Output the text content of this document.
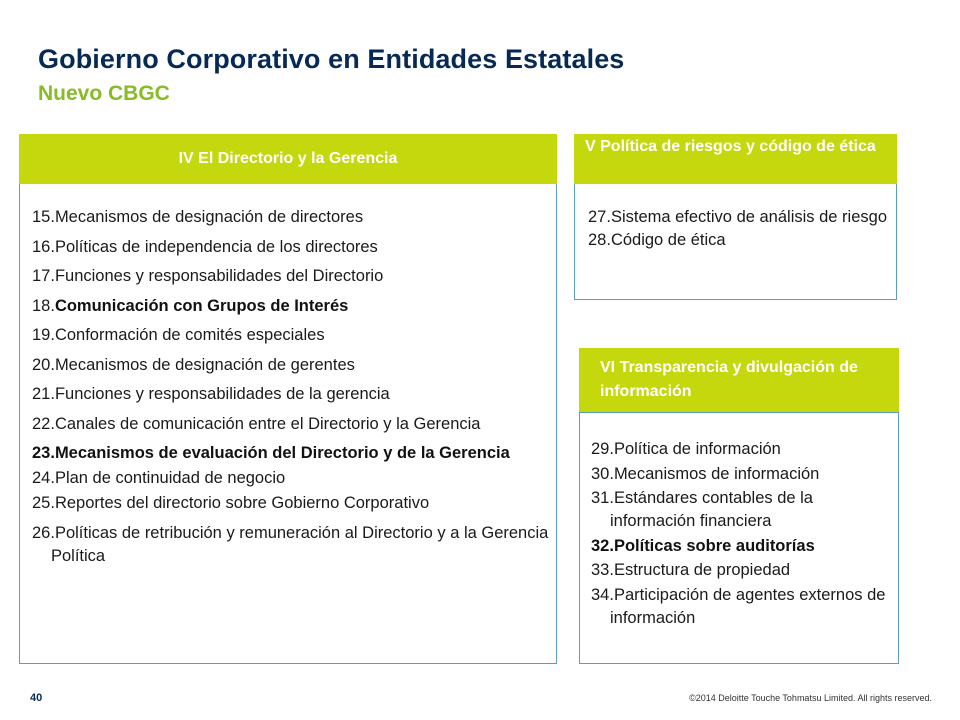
Gobierno Corporativo en Entidades Estatales
Nuevo CBGC
IV El Directorio y la Gerencia
15.Mecanismos de designación de directores
16.Políticas de independencia de los directores
17.Funciones y responsabilidades del Directorio
18.Comunicación con Grupos de Interés
19.Conformación de comités especiales
20.Mecanismos de designación de gerentes
21.Funciones y responsabilidades de la gerencia
22.Canales de comunicación entre el Directorio y la Gerencia
23.Mecanismos de evaluación del Directorio y de la Gerencia
24.Plan de continuidad de negocio
25.Reportes del directorio sobre Gobierno Corporativo
26.Políticas de retribución y remuneración al Directorio y a la Gerencia Política
V Política de riesgos y código de ética
27.Sistema efectivo de análisis de riesgo
28.Código de ética
VI Transparencia y divulgación de información
29.Política de información
30.Mecanismos de información
31.Estándares contables de la información financiera
32.Políticas sobre auditorías
33.Estructura de propiedad
34.Participación de agentes externos de información
40	©2014 Deloitte Touche Tohmatsu Limited. All rights reserved.
